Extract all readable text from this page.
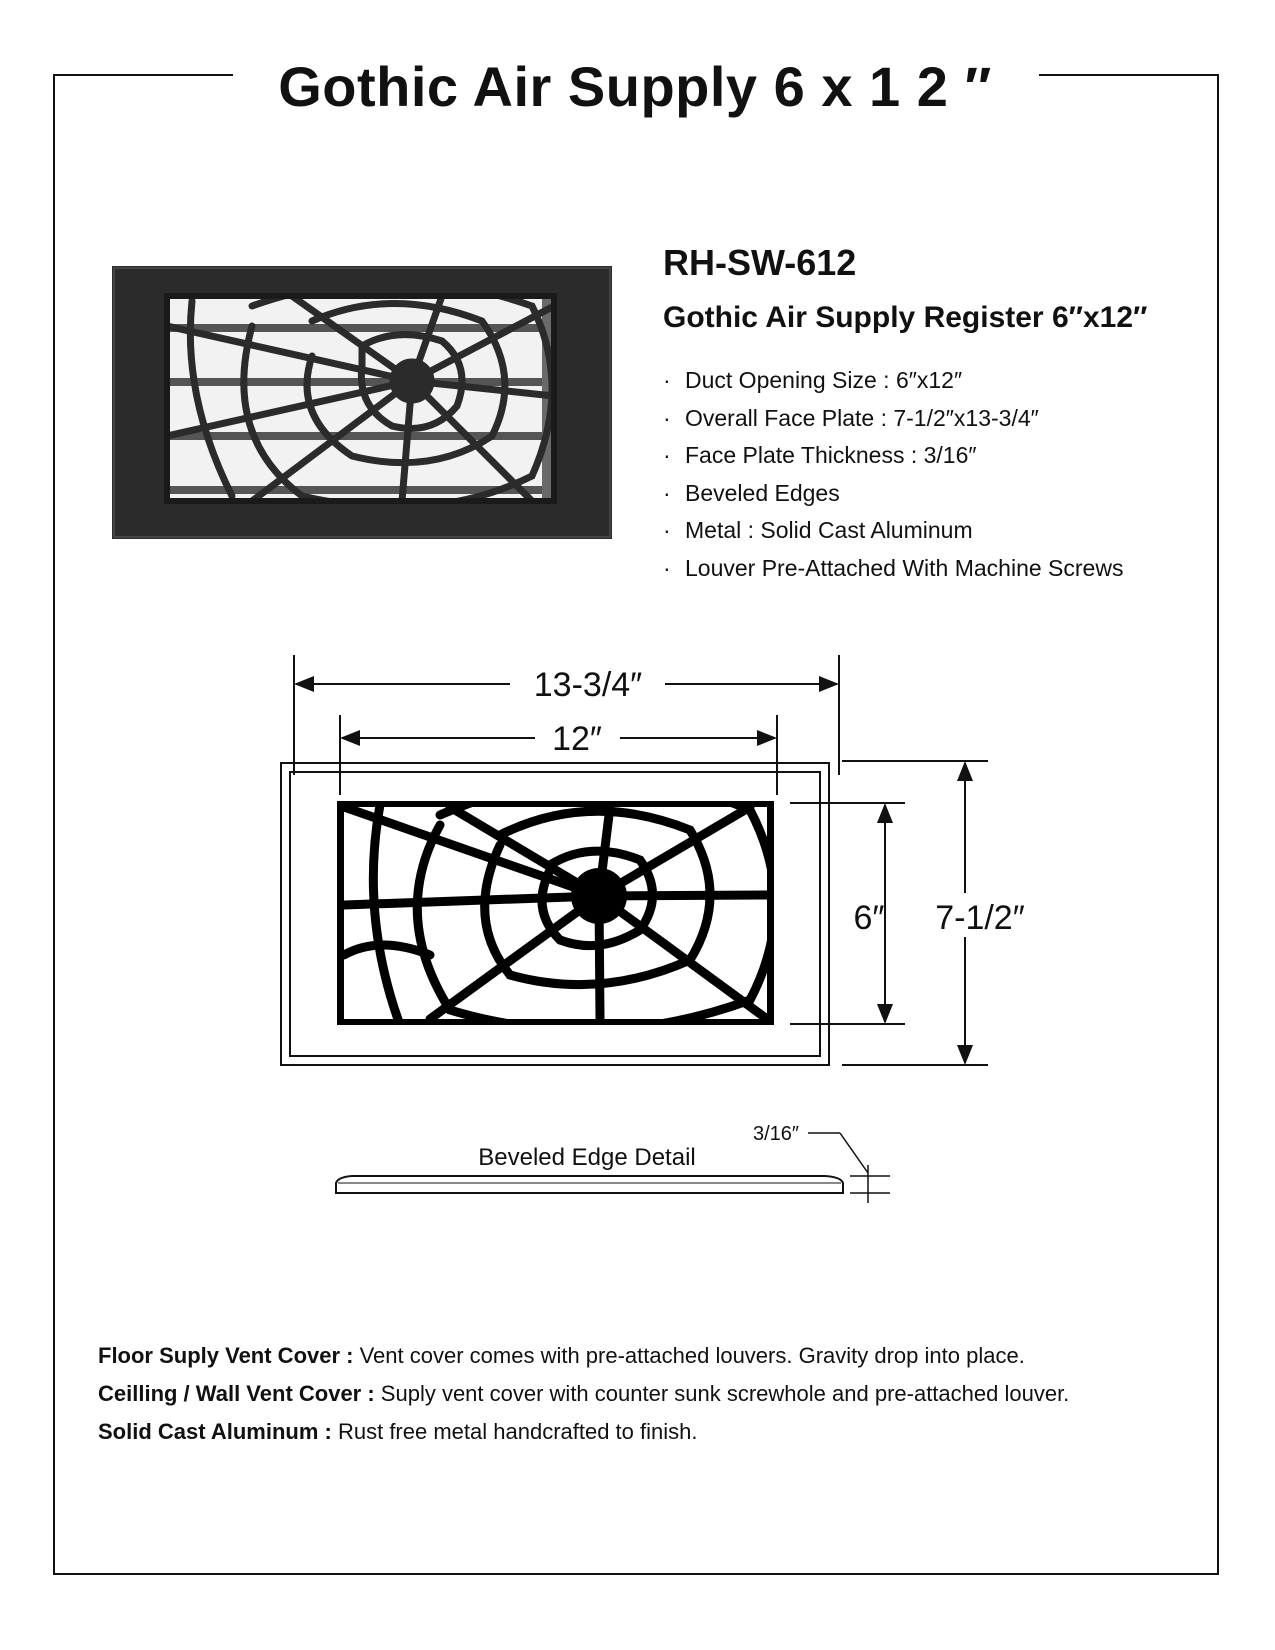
Gothic Air Supply 6 x 1 2 ″
RH-SW-612
Gothic Air Supply Register 6″x12″
· Duct Opening Size : 6″x12″
· Overall Face Plate : 7-1/2″x13-3/4″
· Face Plate Thickness : 3/16″
· Beveled Edges
· Metal : Solid Cast Aluminum
· Louver Pre-Attached With Machine Screws
13-3/4″
12″
6″ 7-1/2″
Beveled Edge Detail
3/16″

Floor Suply Vent Cover : Vent cover comes with pre-attached louvers. Gravity drop into place.

Ceilling / Wall Vent Cover : Suply vent cover with counter sunk screwhole and pre-attached louver.

Solid Cast Aluminum : Rust free metal handcrafted to finish.
